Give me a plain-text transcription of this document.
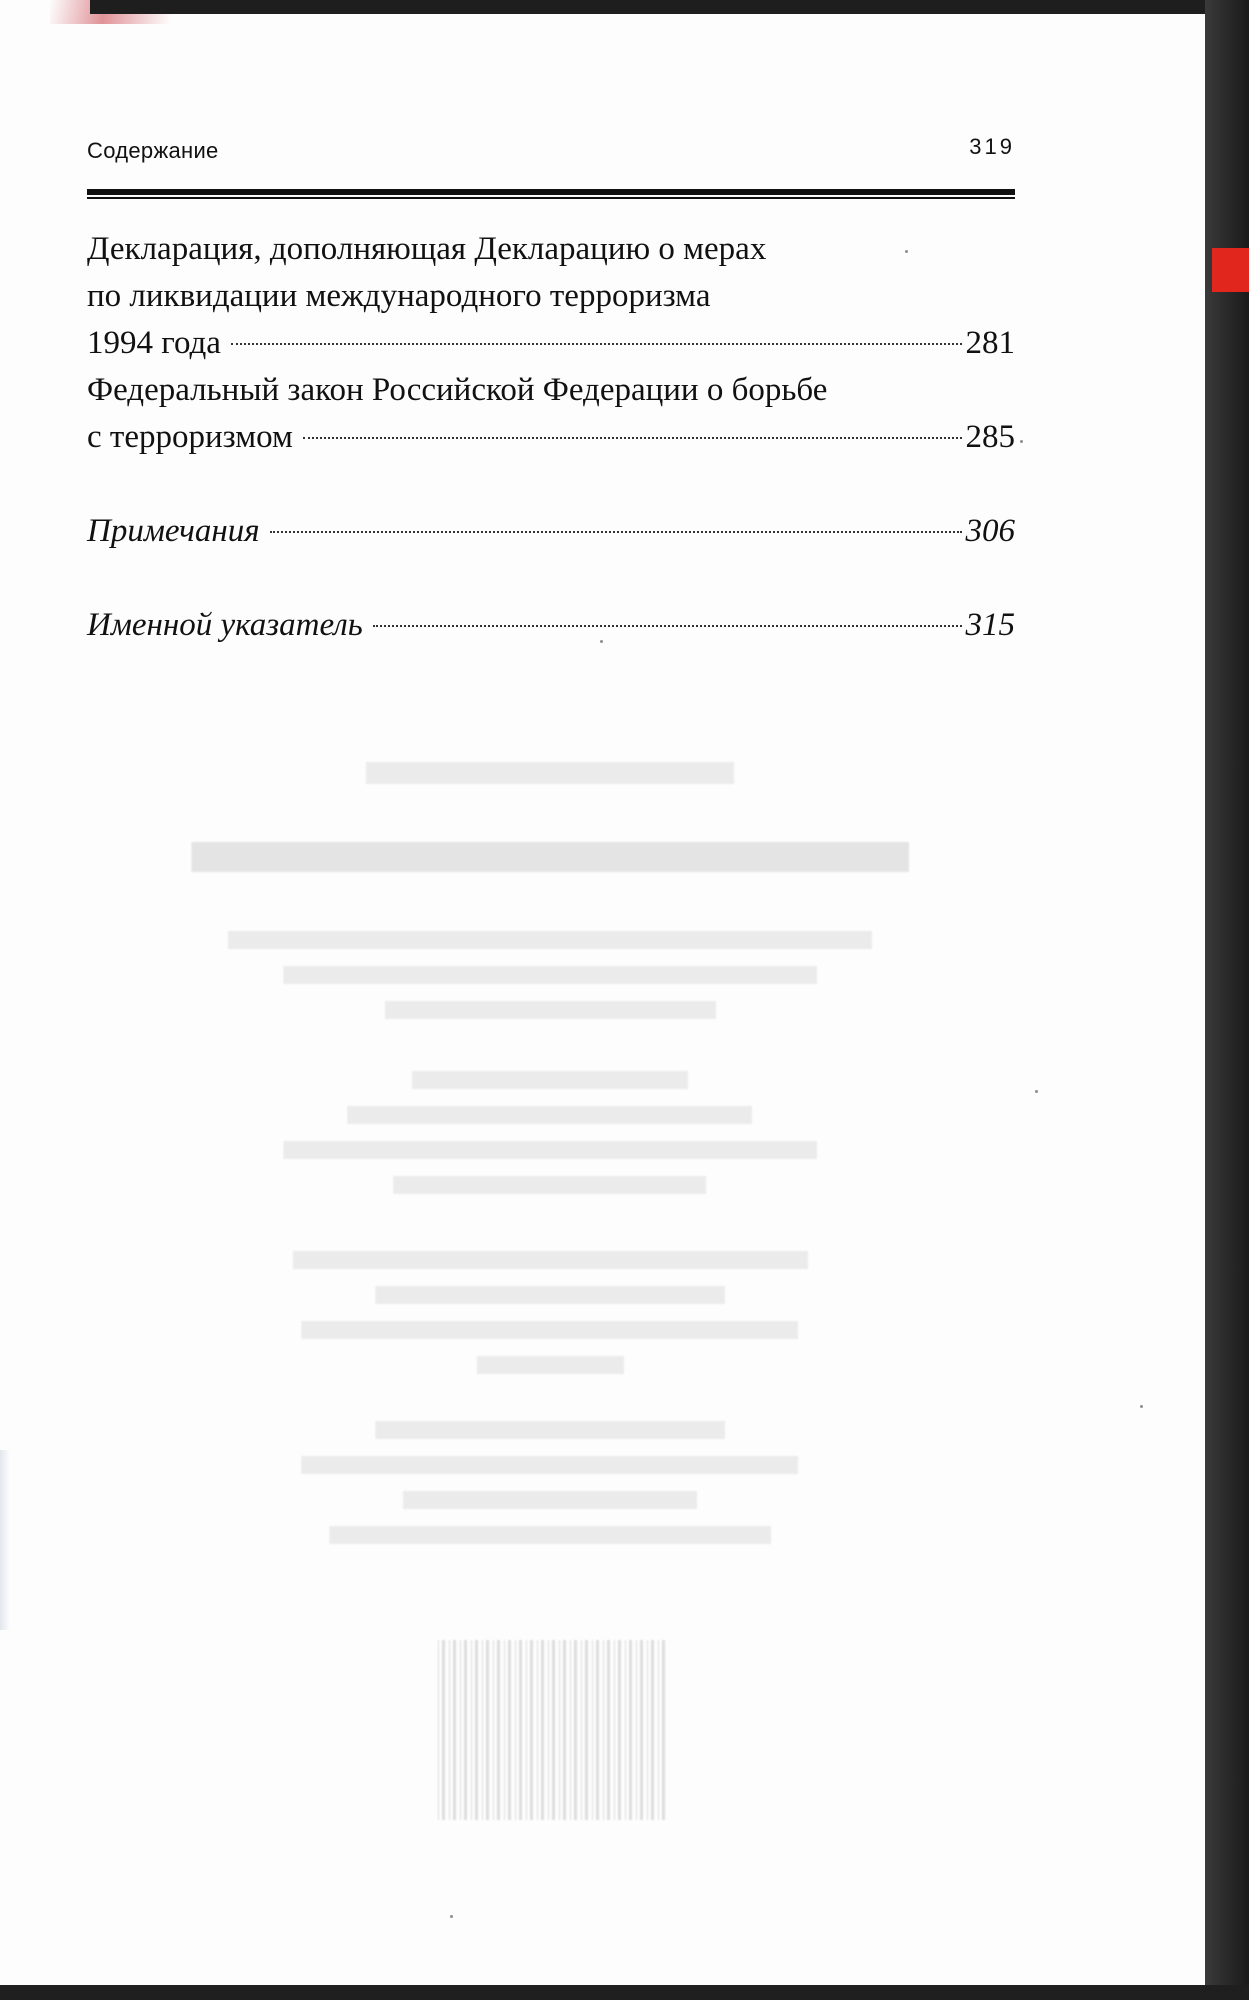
Содержание	319
Декларация, дополняющая Декларацию о мерах
по ликвидации международного терроризма
1994 года	281
Федеральный закон Российской Федерации о борьбе
с терроризмом	285
Примечания	306
Именной указатель	315
